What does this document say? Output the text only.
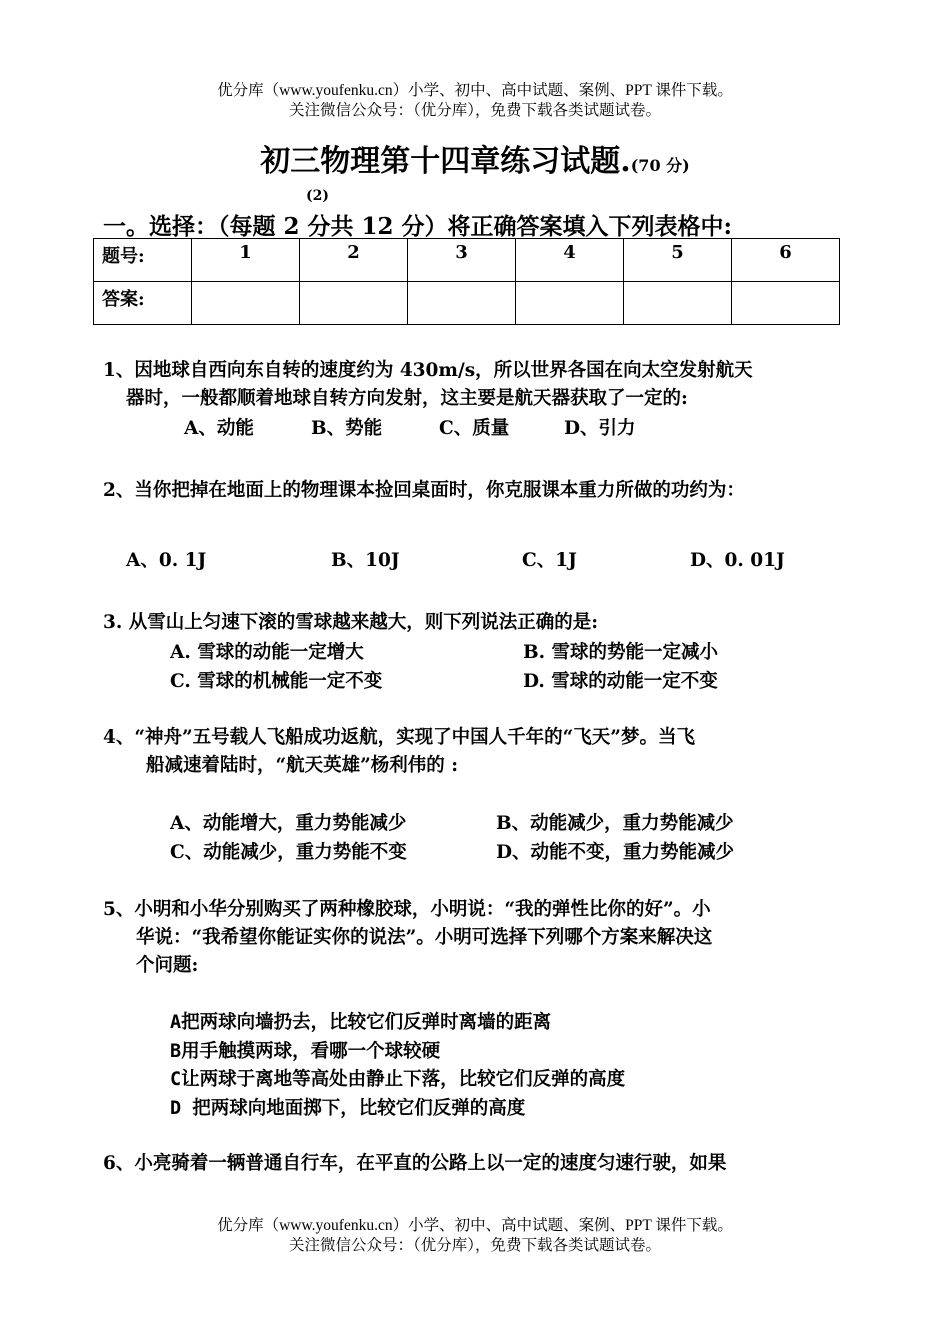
优分库（www.youfenku.cn）小学、初中、高中试题、案例、PPT 课件下载。
关注微信公众号：（优分库），免费下载各类试题试卷。
初三物理第十四章练习试题.(70 分)
(2)
一。选择：（每题 2 分共 12 分）将正确答案填入下列表格中:
题号:	1	2	3	4	5	6
答案:						
1、因地球自西向东自转的速度约为 430m/s，所以世界各国在向太空发射航天
器时，一般都顺着地球自转方向发射，这主要是航天器获取了一定的:
A、动能	B、势能	C、质量	D、引力
2、当你把掉在地面上的物理课本捡回桌面时，你克服课本重力所做的功约为：
A、0. 1J	B、10J	C、1J	D、0. 01J
3. 从雪山上匀速下滚的雪球越来越大，则下列说法正确的是:
A. 雪球的动能一定增大	B. 雪球的势能一定减小
C. 雪球的机械能一定不变	D. 雪球的动能一定不变
4、“神舟”五号载人飞船成功返航，实现了中国人千年的“飞天”梦。当飞
船减速着陆时，“航天英雄”杨利伟的 :
A、动能增大，重力势能减少	B、动能减少，重力势能减少
C、动能减少，重力势能不变	D、动能不变，重力势能减少
5、小明和小华分别购买了两种橡胶球，小明说：“我的弹性比你的好”。小
华说：“我希望你能证实你的说法”。小明可选择下列哪个方案来解决这
个问题:
A把两球向墙扔去，比较它们反弹时离墙的距离
B用手触摸两球，看哪一个球较硬
C让两球于离地等高处由静止下落，比较它们反弹的高度
D 把两球向地面掷下，比较它们反弹的高度
6、小亮骑着一辆普通自行车，在平直的公路上以一定的速度匀速行驶，如果
优分库（www.youfenku.cn）小学、初中、高中试题、案例、PPT 课件下载。
关注微信公众号：（优分库），免费下载各类试题试卷。
